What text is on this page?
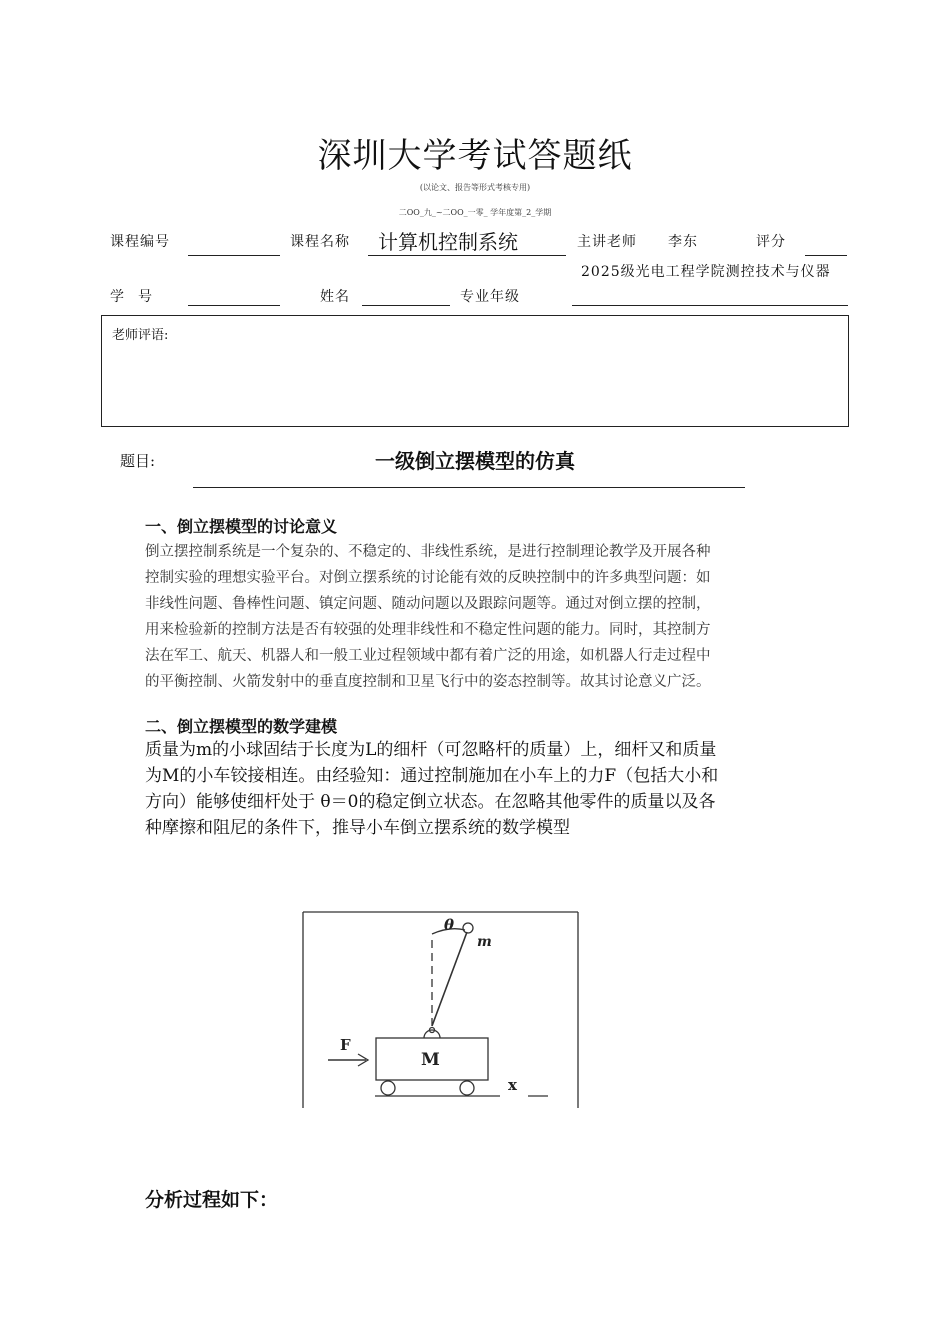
深圳大学考试答题纸
(以论文、报告等形式考核专用)
二OO_九_~二OO_一零_ 学年度第_2_学期
课程编号	课程名称 计算机控制系统	主讲老师 李东	评分
学　号	姓名	专业年级
2025级光电工程学院测控技术与仪器
老师评语:
题目:	一级倒立摆模型的仿真
一、倒立摆模型的讨论意义
倒立摆控制系统是一个复杂的、不稳定的、非线性系统，是进行控制理论教学及开展各种
控制实验的理想实验平台。对倒立摆系统的讨论能有效的反映控制中的许多典型问题：如
非线性问题、鲁棒性问题、镇定问题、随动问题以及跟踪问题等。通过对倒立摆的控制，
用来检验新的控制方法是否有较强的处理非线性和不稳定性问题的能力。同时，其控制方
法在军工、航天、机器人和一般工业过程领域中都有着广泛的用途，如机器人行走过程中
的平衡控制、火箭发射中的垂直度控制和卫星飞行中的姿态控制等。故其讨论意义广泛。
二、倒立摆模型的数学建模
质量为m的小球固结于长度为L的细杆（可忽略杆的质量）上，细杆又和质量
为M的小车铰接相连。由经验知：通过控制施加在小车上的力F（包括大小和
方向）能够使细杆处于 θ＝0的稳定倒立状态。在忽略其他零件的质量以及各
种摩擦和阻尼的条件下，推导小车倒立摆系统的数学模型
θ
m
F
M
x
分析过程如下：
